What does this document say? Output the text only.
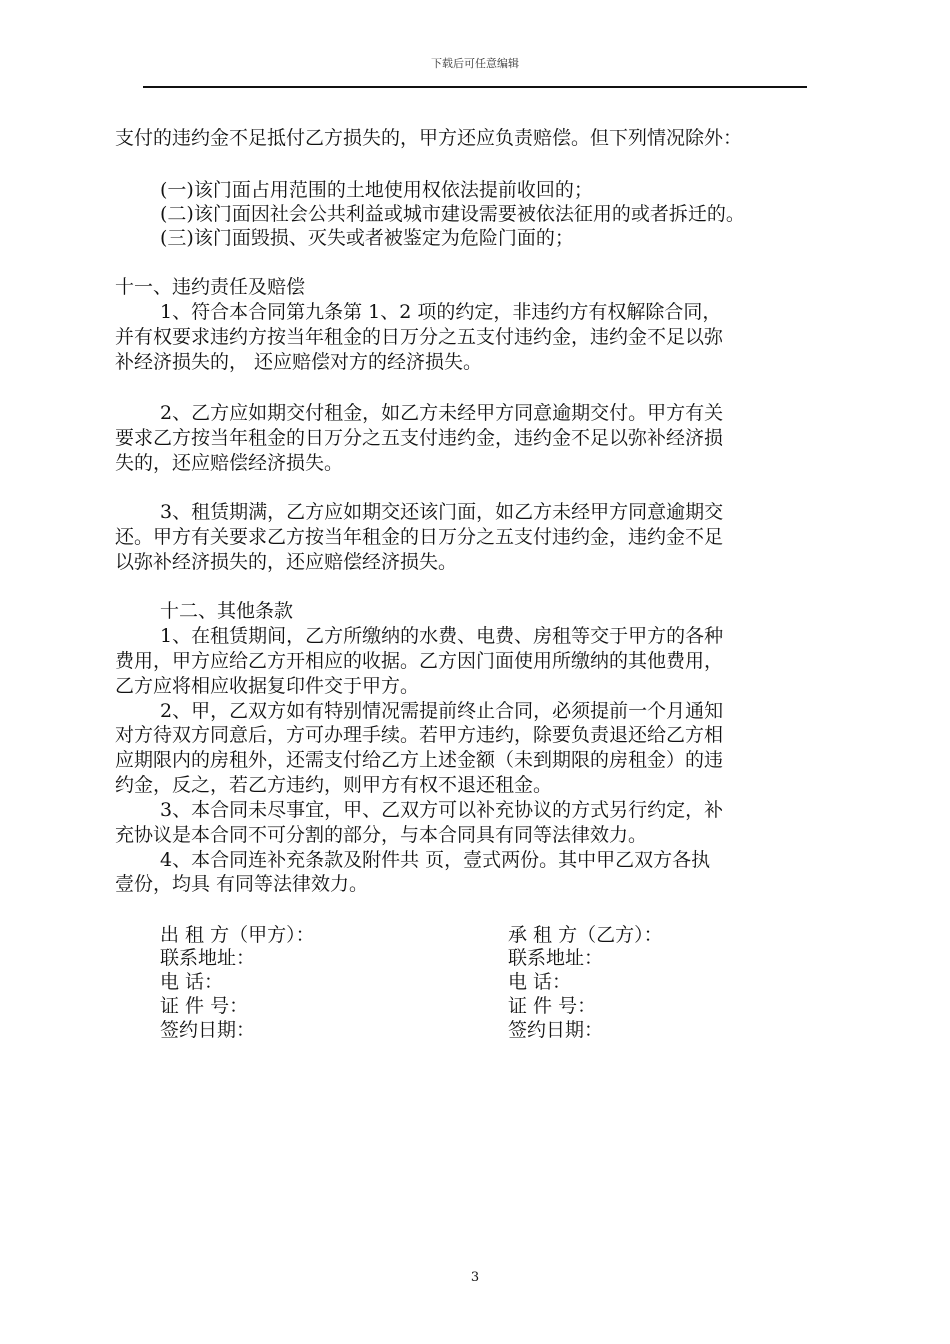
下载后可任意编辑
支付的违约金不足抵付乙方损失的，甲方还应负责赔偿。但下列情况除外：
(一)该门面占用范围的土地使用权依法提前收回的；
(二)该门面因社会公共利益或城市建设需要被依法征用的或者拆迁的。
(三)该门面毁损、灭失或者被鉴定为危险门面的；
十一、违约责任及赔偿
1、符合本合同第九条第 1、2 项的约定，非违约方有权解除合同，
并有权要求违约方按当年租金的日万分之五支付违约金，违约金不足以弥
补经济损失的， 还应赔偿对方的经济损失。
2、乙方应如期交付租金，如乙方未经甲方同意逾期交付。甲方有关
要求乙方按当年租金的日万分之五支付违约金，违约金不足以弥补经济损
失的，还应赔偿经济损失。
3、租赁期满，乙方应如期交还该门面，如乙方未经甲方同意逾期交
还。甲方有关要求乙方按当年租金的日万分之五支付违约金，违约金不足
以弥补经济损失的，还应赔偿经济损失。
十二、其他条款
1、在租赁期间，乙方所缴纳的水费、电费、房租等交于甲方的各种
费用，甲方应给乙方开相应的收据。乙方因门面使用所缴纳的其他费用，
乙方应将相应收据复印件交于甲方。
2、甲，乙双方如有特别情况需提前终止合同，必须提前一个月通知
对方待双方同意后，方可办理手续。若甲方违约，除要负责退还给乙方相
应期限内的房租外，还需支付给乙方上述金额（未到期限的房租金）的违
约金，反之，若乙方违约，则甲方有权不退还租金。
3、本合同未尽事宜，甲、乙双方可以补充协议的方式另行约定，补
充协议是本合同不可分割的部分，与本合同具有同等法律效力。
4、本合同连补充条款及附件共 页，壹式两份。其中甲乙双方各执
壹份，均具 有同等法律效力。
出 租 方（甲方）：
联系地址：
电 话：
证 件 号：
签约日期：
承 租 方（乙方）：
联系地址：
电 话：
证 件 号：
签约日期：
3
